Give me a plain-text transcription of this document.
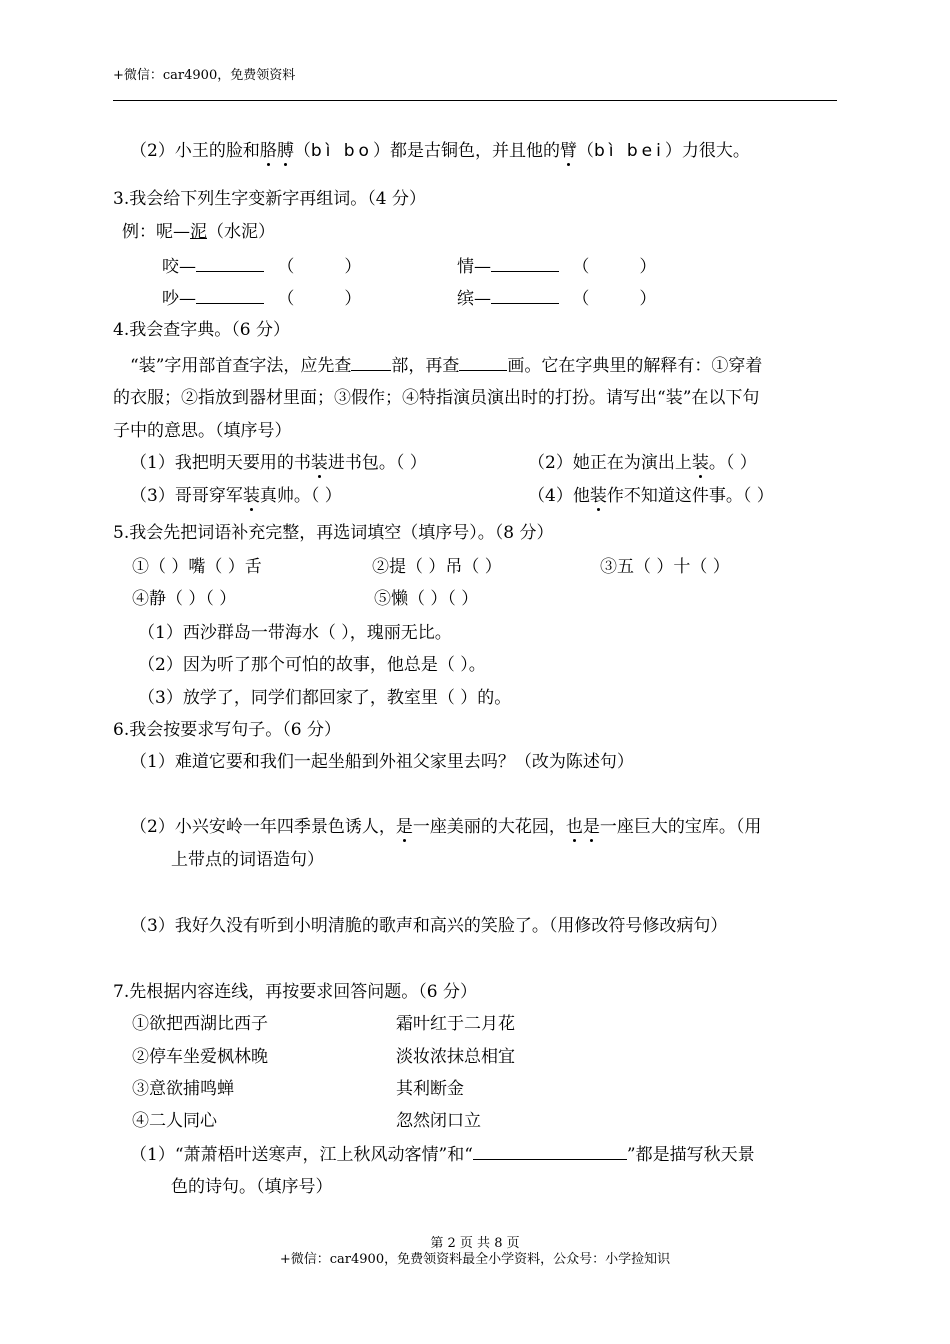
+微信：car4900，免费领资料
（2）小王的脸和胳膊（bì bo）都是古铜色，并且他的臂（bì bei）力很大。
3.我会给下列生字变新字再组词。（4 分）
例：呢—泥（水泥）
咬—	（	）	情—	（	）
吵—	（	）	缤—	（	）
4.我会查字典。（6 分）
“装”字用部首查字法，应先查 部，再查	画。它在字典里的解释有：①穿着
的衣服；②指放到器材里面；③假作；④特指演员演出时的打扮。请写出“装”在以下句
子中的意思。（填序号）
（1）我把明天要用的书装进书包。（ ）	（2）她正在为演出上装。（ ）
（3）哥哥穿军装真帅。（ ）	（4）他装作不知道这件事。（ ）
5.我会先把词语补充完整，再选词填空（填序号）。（8 分）
①（ ）嘴（ ）舌	②提（ ）吊（ ）	③五（ ）十（ ）
④静（ ）（ ）	⑤懒（ ）（ ）
（1）西沙群岛一带海水（ ），瑰丽无比。
（2）因为听了那个可怕的故事，他总是（ ）。
（3）放学了，同学们都回家了，教室里（ ）的。
6.我会按要求写句子。（6 分）
（1）难道它要和我们一起坐船到外祖父家里去吗？（改为陈述句）
（2）小兴安岭一年四季景色诱人，是一座美丽的大花园，也是一座巨大的宝库。（用
上带点的词语造句）
（3）我好久没有听到小明清脆的歌声和高兴的笑脸了。（用修改符号修改病句）
7.先根据内容连线，再按要求回答问题。（6 分）
①欲把西湖比西子	霜叶红于二月花
②停车坐爱枫林晚	淡妆浓抹总相宜
③意欲捕鸣蝉	其利断金
④二人同心	忽然闭口立
（1）“萧萧梧叶送寒声，江上秋风动客情”和“	”都是描写秋天景
色的诗句。（填序号）
第 2 页 共 8 页
+微信：car4900，免费领资料最全小学资料，公众号：小学捡知识
